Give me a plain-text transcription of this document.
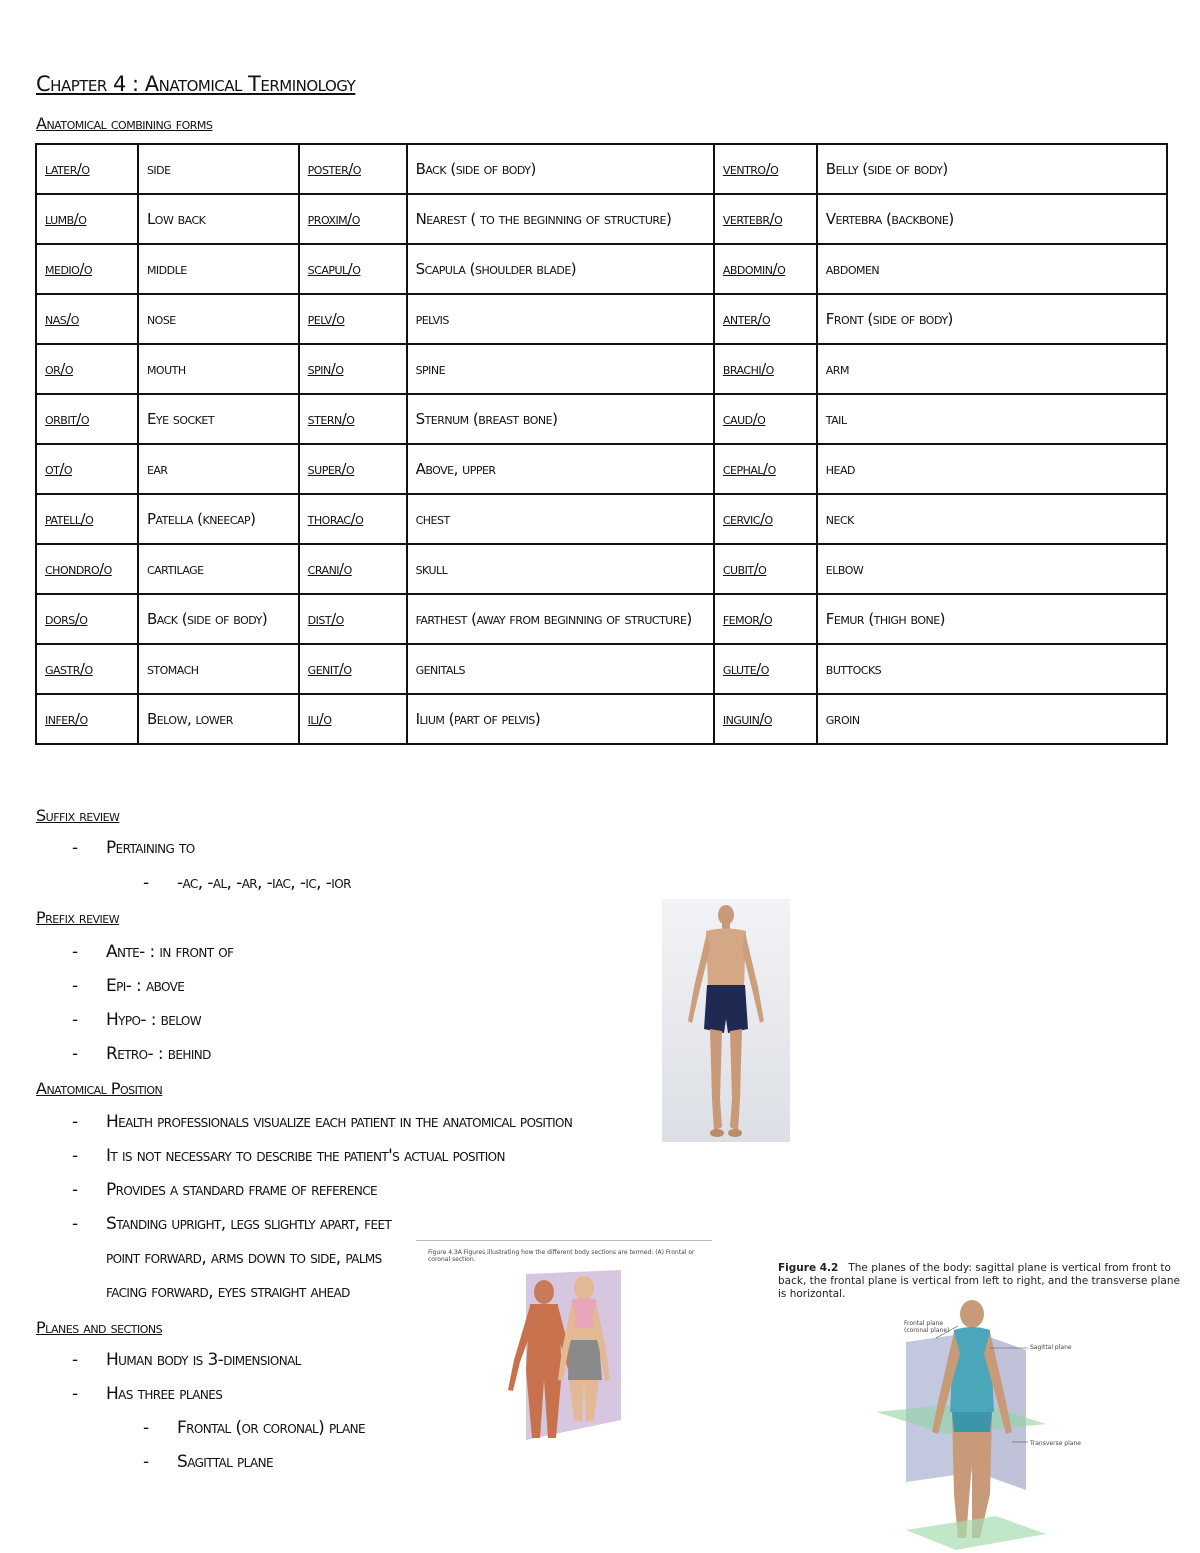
Chapter 4 : Anatomical Terminology
Anatomical combining forms
later/o	side	poster/o	Back (side of body)	ventro/o	Belly (side of body)
lumb/o	Low back	proxim/o	Nearest ( to the beginning of structure)	vertebr/o	Vertebra (backbone)
medio/o	middle	scapul/o	Scapula (shoulder blade)	abdomin/o	abdomen
nas/o	nose	pelv/o	pelvis	anter/o	Front (side of body)
or/o	mouth	spin/o	spine	brachi/o	arm
orbit/o	Eye socket	stern/o	Sternum (breast bone)	caud/o	tail
ot/o	ear	super/o	Above, upper	cephal/o	head
patell/o	Patella (kneecap)	thorac/o	chest	cervic/o	neck
chondro/o	cartilage	crani/o	skull	cubit/o	elbow
dors/o	Back (side of body)	dist/o	farthest (away from beginning of structure)	femor/o	Femur (thigh bone)
gastr/o	stomach	genit/o	genitals	glute/o	buttocks
infer/o	Below, lower	ili/o	Ilium (part of pelvis)	inguin/o	groin
Suffix review
- Pertaining to
- -ac, -al, -ar, -iac, -ic, -ior
Prefix review
- Ante- : in front of
- Epi- : above
- Hypo- : below
- Retro- : behind
Anatomical Position
- Health professionals visualize each patient in the anatomical position
- It is not necessary to describe the patient's actual position
- Provides a standard frame of reference
- Standing upright, legs slightly apart, feet
point forward, arms down to side, palms
facing forward, eyes straight ahead
Planes and sections
- Human body is 3-dimensional
- Has three planes
- Frontal (or coronal) plane
- Sagittal plane
Figure 4.3A Figures illustrating how the different body sections are termed: (A) Frontal or coronal section.
Figure 4.2 The planes of the body: sagittal plane is vertical from front to back, the frontal plane is vertical from left to right, and the transverse plane is horizontal.
Frontal plane (coronal plane)
Sagittal plane
Transverse plane
